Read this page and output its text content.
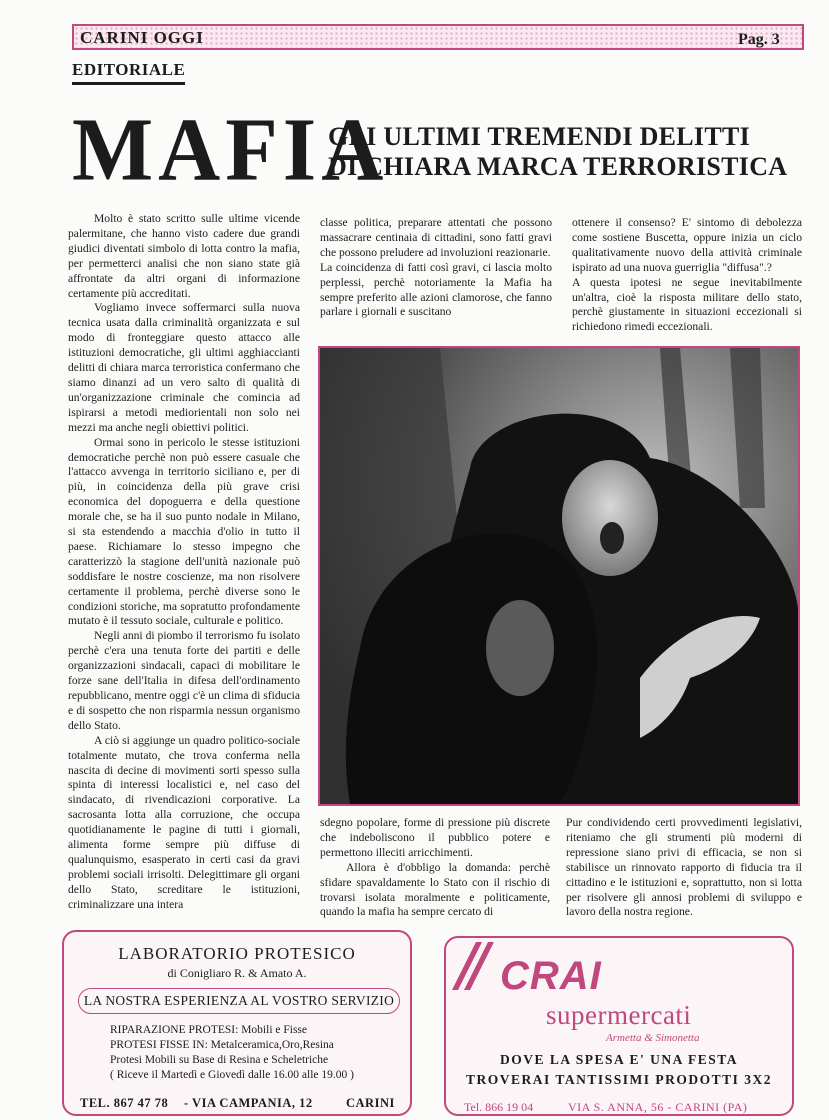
CARINI OGGI	Pag. 3
EDITORIALE
MAFIA
GLI ULTIMI TREMENDI DELITTI
DI CHIARA MARCA TERRORISTICA

Molto è stato scritto sulle ultime vicende palermitane, che hanno visto cadere due grandi giudici diventati simbolo di lotta contro la mafia, per permetterci analisi che non siano state già affrontate da altri organi di informazione certamente più accreditati.

Vogliamo invece soffermarci sulla nuova tecnica usata dalla criminalità organizzata e sul modo di fronteggiare questo attacco alle istituzioni democratiche, gli ultimi agghiaccianti delitti di chiara marca terroristica confermano che siamo dinanzi ad un vero salto di qualità di un'organizzazione criminale che comincia ad ispirarsi a metodi mediorientali non solo nei mezzi ma anche negli obiettivi politici.

Ormai sono in pericolo le stesse istituzioni democratiche perchè non può essere casuale che l'attacco avvenga in territorio siciliano e, per di più, in coincidenza della più grave crisi economica del dopoguerra e della questione morale che, se ha il suo punto nodale in Milano, si sta estendendo a macchia d'olio in tutto il paese. Richiamare lo stesso impegno che caratterizzò la stagione dell'unità nazionale può soddisfare le nostre coscienze, ma non risolvere certamente il problema, perchè diverse sono le condizioni storiche, ma sopratutto profondamente mutato è il tessuto sociale, culturale e politico.

Negli anni di piombo il terrorismo fu isolato perchè c'era una tenuta forte dei partiti e delle organizzazioni sindacali, capaci di mobilitare le forze sane dell'Italia in difesa dell'ordinamento repubblicano, mentre oggi c'è un clima di sfiducia e di sospetto che non risparmia nessun organismo dello Stato.

A ciò si aggiunge un quadro politico-sociale totalmente mutato, che trova conferma nella nascita di decine di movimenti sorti spesso sulla spinta di interessi localistici e, nel caso del sindacato, di rivendicazioni corporative. La sacrosanta lotta alla corruzione, che occupa quotidianamente le pagine di tutti i giornali, alimenta forme sempre più diffuse di qualunquismo, esasperato in certi casi da gravi problemi sociali irrisolti. Delegittimare gli organi dello Stato, screditare le istituzioni, criminalizzare una intera

classe politica, preparare attentati che possono massacrare centinaia di cittadini, sono fatti gravi che possono preludere ad involuzioni reazionarie.

La coincidenza di fatti così gravi, ci lascia molto perplessi, perchè notoriamente la Mafia ha sempre preferito alle azioni clamorose, che fanno parlare i giornali e suscitano

ottenere il consenso? E' sintomo di debolezza come sostiene Buscetta, oppure inizia un ciclo qualitativamente nuovo della attività criminale ispirato ad una nuova guerriglia "diffusa".?

A questa ipotesi ne segue inevitabilmente un'altra, cioè la risposta militare dello stato, perchè giustamente in situazioni eccezionali si richiedono rimedi eccezionali.

sdegno popolare, forme di pressione più discrete che indeboliscono il pubblico potere e permettono illeciti arricchimenti.

Allora è d'obbligo la domanda: perchè sfidare spavaldamente lo Stato con il rischio di trovarsi isolata moralmente e politicamente, quando la mafia ha sempre cercato di

Pur condividendo certi provvedimenti legislativi, riteniamo che gli strumenti più moderni di repressione siano privi di efficacia, se non si stabilisce un rinnovato rapporto di fiducia tra il cittadino e le istituzioni e, soprattutto, non si lotta per risolvere gli annosi problemi di sviluppo e lavoro della nostra regione.

LABORATORIO PROTESICO
di Conigliaro R. & Amato A.
LA NOSTRA ESPERIENZA AL VOSTRO SERVIZIO
RIPARAZIONE PROTESI: Mobili e Fisse
PROTESI FISSE IN: Metalceramica,Oro,Resina
Protesi Mobili su Base di Resina e Scheletriche
( Riceve il Martedì e Giovedì dalle 16.00 alle 19.00 )
TEL. 867 47 78 - VIA CAMPANIA, 12	CARINI
CRAI
supermercati
Armetta & Simonetta
DOVE LA SPESA E' UNA FESTA
TROVERAI TANTISSIMI PRODOTTI 3X2
Tel. 866 19 04	VIA S. ANNA, 56 - CARINI (PA)
